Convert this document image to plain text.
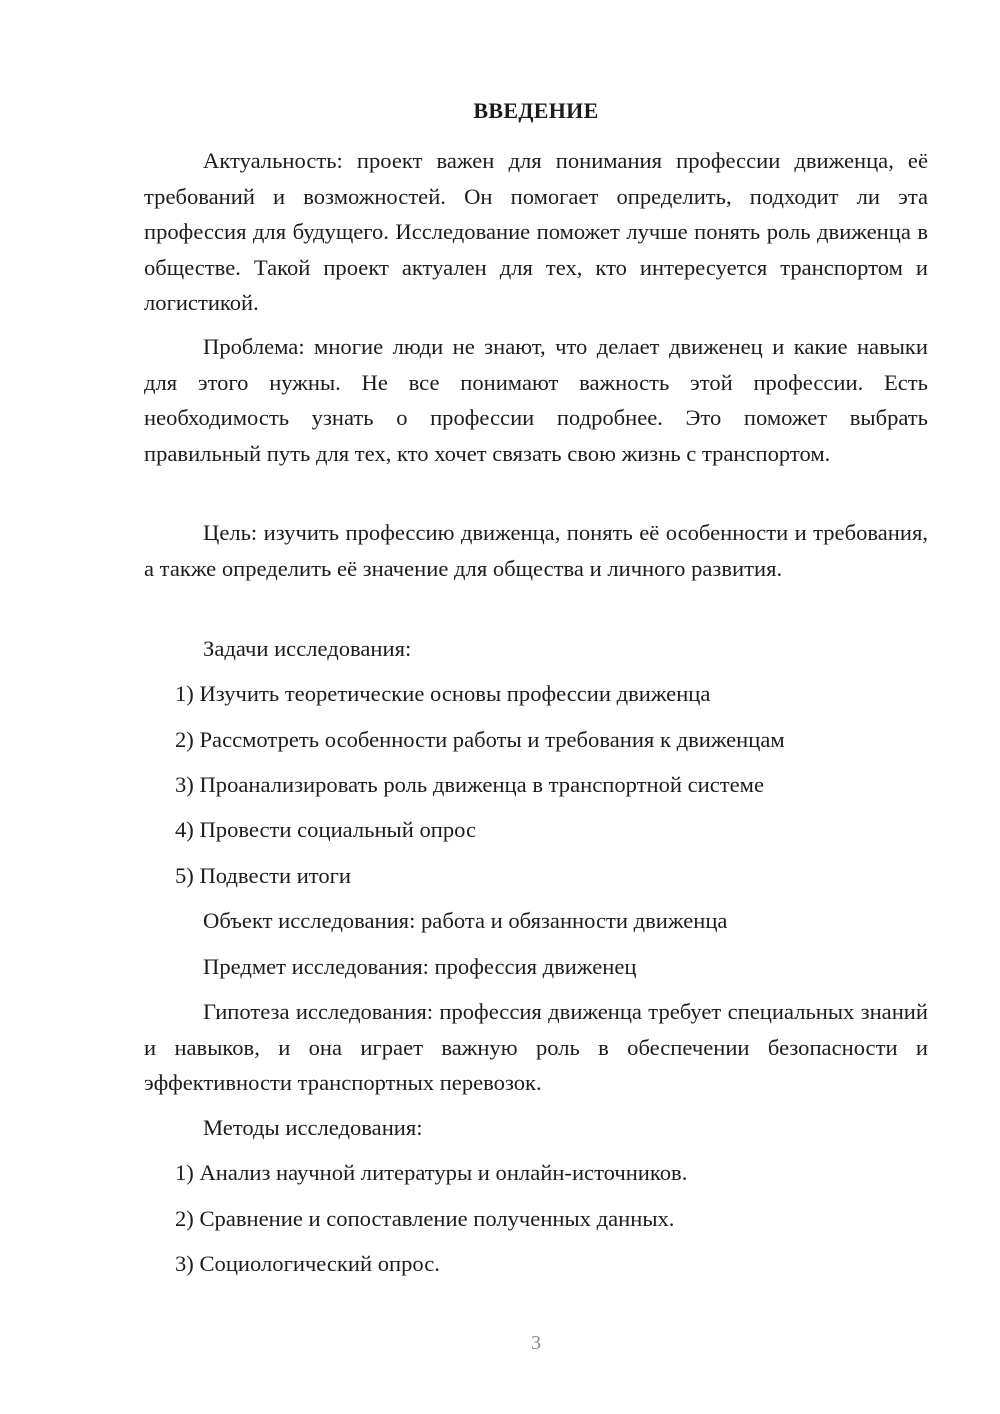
ВВЕДЕНИЕ

Актуальность: проект важен для понимания профессии движенца, её требований и возможностей. Он помогает определить, подходит ли эта профессия для будущего. Исследование поможет лучше понять роль движенца в обществе. Такой проект актуален для тех, кто интересуется транспортом и логистикой.

Проблема: многие люди не знают, что делает движенец и какие навыки для этого нужны. Не все понимают важность этой профессии. Есть необходимость узнать о профессии подробнее. Это поможет выбрать правильный путь для тех, кто хочет связать свою жизнь с транспортом.

Цель: изучить профессию движенца, понять её особенности и требования, а также определить её значение для общества и личного развития.

Задачи исследования:

1) Изучить теоретические основы профессии движенца

2) Рассмотреть особенности работы и требования к движенцам

3) Проанализировать роль движенца в транспортной системе

4) Провести социальный опрос

5) Подвести итоги

Объект исследования: работа и обязанности движенца

Предмет исследования: профессия движенец

Гипотеза исследования: профессия движенца требует специальных знаний и навыков, и она играет важную роль в обеспечении безопасности и эффективности транспортных перевозок.

Методы исследования:

1) Анализ научной литературы и онлайн-источников.

2) Сравнение и сопоставление полученных данных.

3) Социологический опрос.

3
